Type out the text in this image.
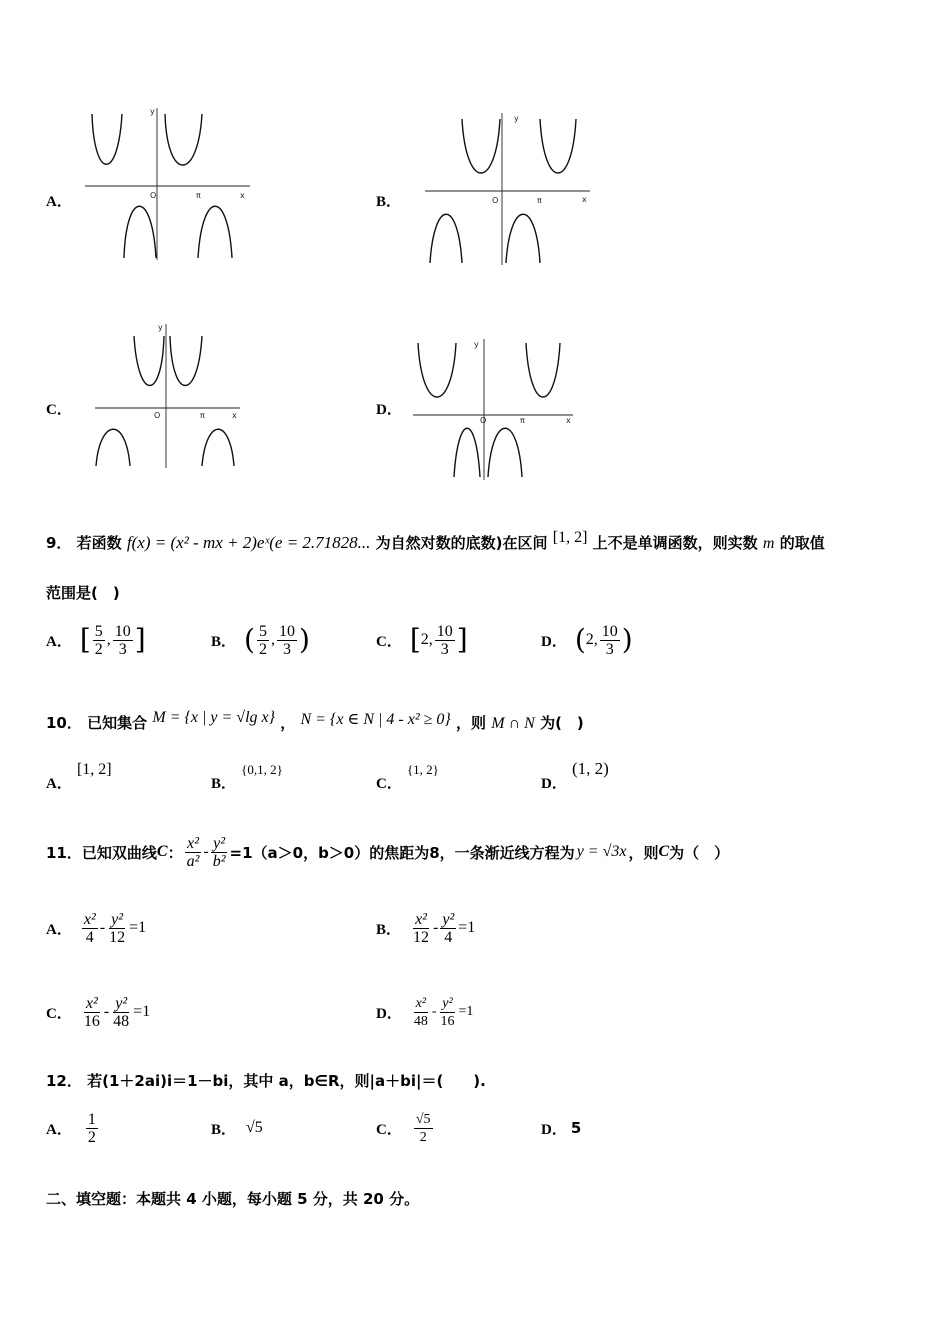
A．	x
y
O	π	B．	x
y
O	π
C．	x
y
O	π	D．
x
y
O	π
9． 若函数 f(x) = (x² - mx + 2)eˣ(e = 2.71828... 为自然对数的底数)在区间 [1, 2] 上不是单调函数，则实数 m 的取值
范围是(　)
A． [ $\frac{5}{2}$ , $\frac{10}{3}$ ]	B． ( $\frac{5}{2}$ , $\frac{10}{3}$ )	C． [ 2, $\frac{10}{3}$ ]	D． ( 2, $\frac{10}{3}$ )
10． 已知集合 M = {x | y = √lg x} ， N = {x ∈ N | 4 - x² ≥ 0} ，则 M ∩ N 为(　)
A． [1, 2]
B． {0,1, 2}
C． {1, 2}
D． (1, 2)
11． 已知双曲线 C ： $\frac{\text{x²}}{\text{a²}} - \frac{\text{y²}}{\text{b²}} =1(a>0$，b＞0）的焦距为8，一条渐近线方程为 y = √3x ，则 C 为（　）
A． $\frac{\text{x²}}{4} - \frac{\text{y²}}{12} =1$	B． $\frac{\text{x²}}{12} - \frac{\text{y²}}{4} =1$
C． $\frac{\text{x²}}{16} - \frac{\text{y²}}{48} =1$	D． $\frac{\text{x²}}{48} - \frac{\text{y²}}{16} =1$
12． 若(1＋2ai)i＝1－bi，其中 a，b∈R，则|a＋bi|＝(　　).
A． $\frac{1}{2}$	B． √5	C． $\frac{√5}{2}$	D． 5
二、填空题：本题共 4 小题，每小题 5 分，共 20 分。
